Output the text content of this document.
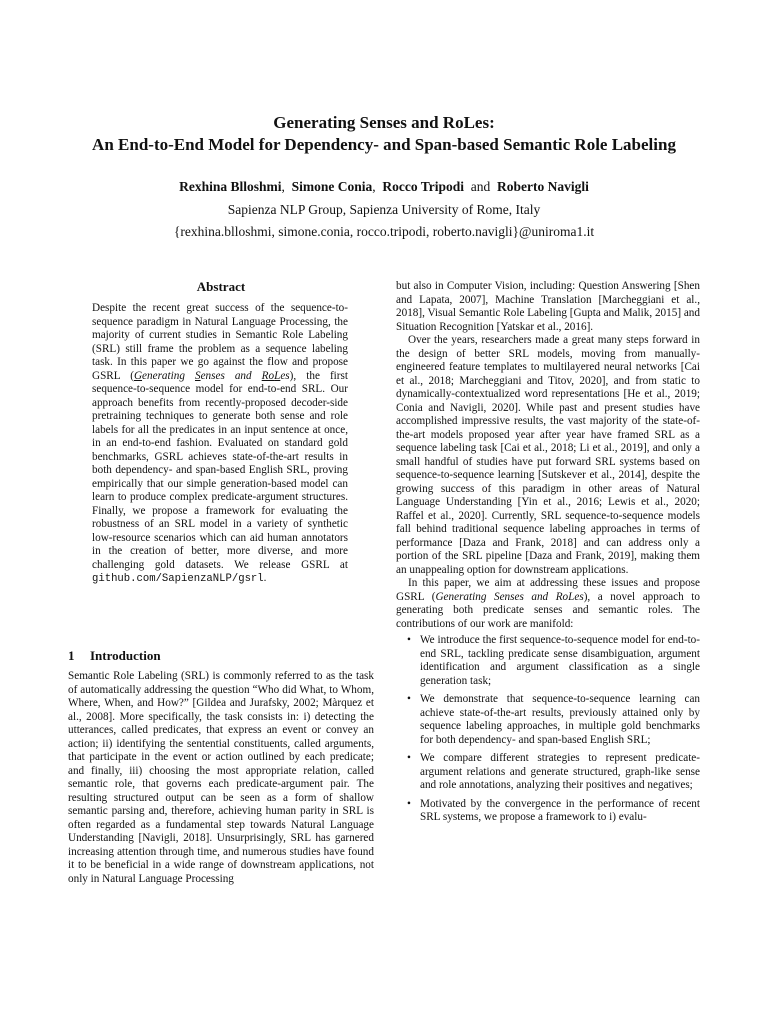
Generating Senses and RoLes:
An End-to-End Model for Dependency- and Span-based Semantic Role Labeling
Rexhina Blloshmi,  Simone Conia,  Rocco Tripodi and Roberto Navigli
Sapienza NLP Group, Sapienza University of Rome, Italy
{rexhina.blloshmi, simone.conia, rocco.tripodi, roberto.navigli}@uniroma1.it
Abstract
Despite the recent great success of the sequence-to-sequence paradigm in Natural Language Processing, the majority of current studies in Semantic Role Labeling (SRL) still frame the problem as a sequence labeling task. In this paper we go against the flow and propose GSRL (Generating Senses and RoLes), the first sequence-to-sequence model for end-to-end SRL. Our approach benefits from recently-proposed decoder-side pretraining techniques to generate both sense and role labels for all the predicates in an input sentence at once, in an end-to-end fashion. Evaluated on standard gold benchmarks, GSRL achieves state-of-the-art results in both dependency- and span-based English SRL, proving empirically that our simple generation-based model can learn to produce complex predicate-argument structures. Finally, we propose a framework for evaluating the robustness of an SRL model in a variety of synthetic low-resource scenarios which can aid human annotators in the creation of better, more diverse, and more challenging gold datasets. We release GSRL at github.com/SapienzaNLP/gsrl.
1 Introduction
Semantic Role Labeling (SRL) is commonly referred to as the task of automatically addressing the question “Who did What, to Whom, Where, When, and How?” [Gildea and Jurafsky, 2002; Màrquez et al., 2008]. More specifically, the task consists in: i) detecting the utterances, called predicates, that express an event or convey an action; ii) identifying the sentential constituents, called arguments, that participate in the event or action outlined by each predicate; and finally, iii) choosing the most appropriate relation, called semantic role, that governs each predicate-argument pair. The resulting structured output can be seen as a form of shallow semantic parsing and, therefore, achieving human parity in SRL is often regarded as a fundamental step towards Natural Language Understanding [Navigli, 2018]. Unsurprisingly, SRL has garnered increasing attention through time, and numerous studies have found it to be beneficial in a wide range of downstream applications, not only in Natural Language Processing

but also in Computer Vision, including: Question Answering [Shen and Lapata, 2007], Machine Translation [Marcheggiani et al., 2018], Visual Semantic Role Labeling [Gupta and Malik, 2015] and Situation Recognition [Yatskar et al., 2016].

Over the years, researchers made a great many steps forward in the design of better SRL models, moving from manually-engineered feature templates to multilayered neural networks [Cai et al., 2018; Marcheggiani and Titov, 2020], and from static to dynamically-contextualized word representations [He et al., 2019; Conia and Navigli, 2020]. While past and present studies have accomplished impressive results, the vast majority of the state-of-the-art models proposed year after year have framed SRL as a sequence labeling task [Cai et al., 2018; Li et al., 2019], and only a small handful of studies have put forward SRL systems based on sequence-to-sequence learning [Sutskever et al., 2014], despite the growing success of this paradigm in other areas of Natural Language Understanding [Yin et al., 2016; Lewis et al., 2020; Raffel et al., 2020]. Currently, SRL sequence-to-sequence models fall behind traditional sequence labeling approaches in terms of performance [Daza and Frank, 2018] and can address only a portion of the SRL pipeline [Daza and Frank, 2019], making them an unappealing option for downstream applications.

In this paper, we aim at addressing these issues and propose GSRL (Generating Senses and RoLes), a novel approach to generating both predicate senses and semantic roles. The contributions of our work are manifold:

• We introduce the first sequence-to-sequence model for end-to-end SRL, tackling predicate sense disambiguation, argument identification and argument classification as a single generation task;
• We demonstrate that sequence-to-sequence learning can achieve state-of-the-art results, previously attained only by sequence labeling approaches, in multiple gold benchmarks for both dependency- and span-based English SRL;
• We compare different strategies to represent predicate-argument relations and generate structured, graph-like sense and role annotations, analyzing their positives and negatives;
• Motivated by the convergence in the performance of recent SRL systems, we propose a framework to i) evalu-
